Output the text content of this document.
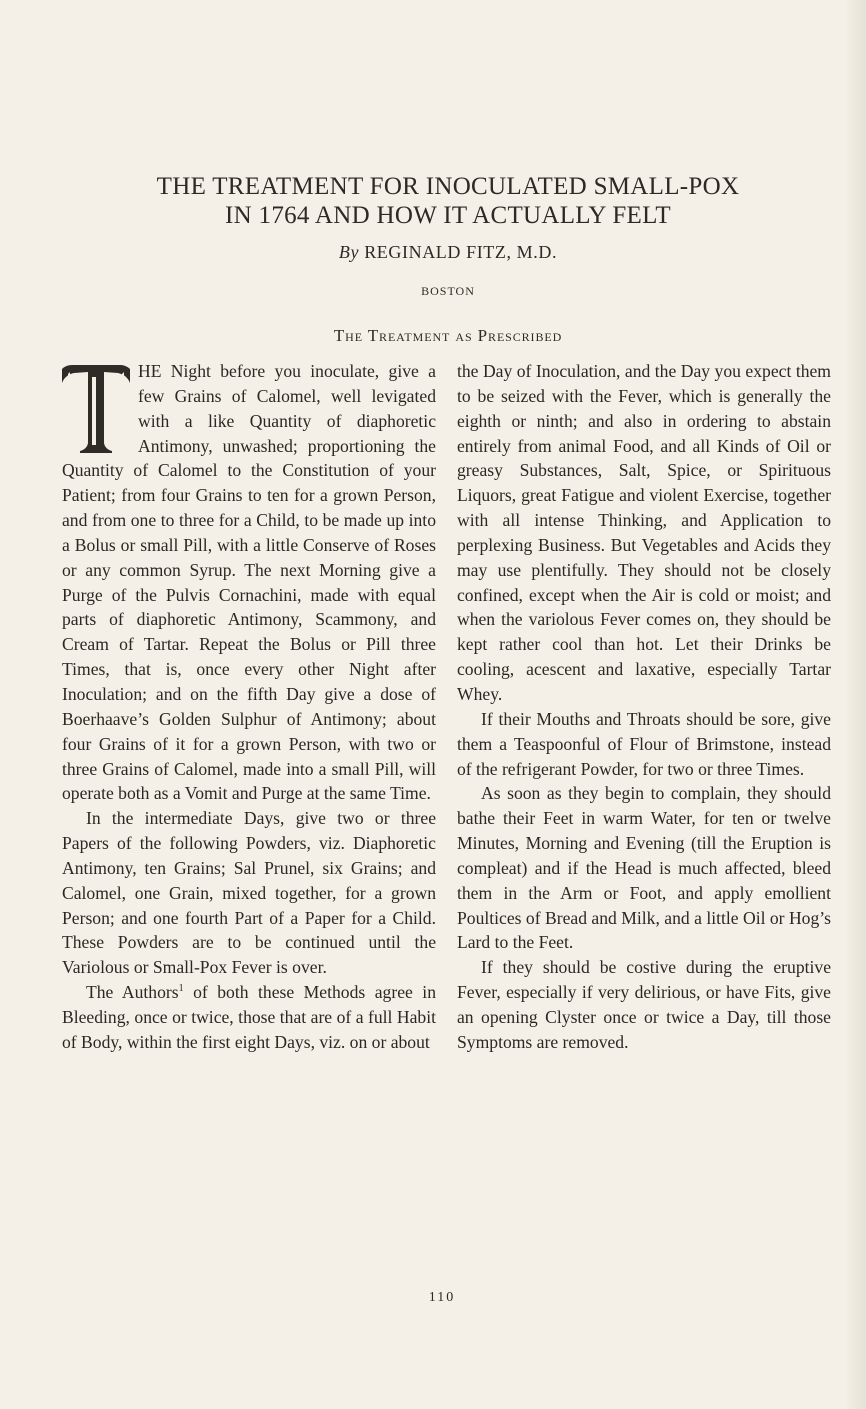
THE TREATMENT FOR INOCULATED SMALL-POX
IN 1764 AND HOW IT ACTUALLY FELT
By REGINALD FITZ, M.D.
BOSTON
The Treatment as Prescribed

HE Night before you inoculate, give a few Grains of Calomel, well levigated with a like Quantity of diaphoretic Antimony, unwashed; proportioning the Quantity of Calomel to the Constitution of your Patient; from four Grains to ten for a grown Person, and from one to three for a Child, to be made up into a Bolus or small Pill, with a little Conserve of Roses or any common Syrup. The next Morning give a Purge of the Pulvis Cornachini, made with equal parts of diaphoretic Antimony, Scammony, and Cream of Tartar. Repeat the Bolus or Pill three Times, that is, once every other Night after Inoculation; and on the fifth Day give a dose of Boerhaave’s Golden Sulphur of Antimony; about four Grains of it for a grown Person, with two or three Grains of Calomel, made into a small Pill, will operate both as a Vomit and Purge at the same Time.

In the intermediate Days, give two or three Papers of the following Powders, viz. Diaphoretic Antimony, ten Grains; Sal Prunel, six Grains; and Calomel, one Grain, mixed together, for a grown Person; and one fourth Part of a Paper for a Child. These Powders are to be continued until the Variolous or Small-Pox Fever is over.

The Authors$^1$ of both these Methods agree in Bleeding, once or twice, those that are of a full Habit of Body, within the first eight Days, viz. on or about

the Day of Inoculation, and the Day you expect them to be seized with the Fever, which is generally the eighth or ninth; and also in ordering to abstain entirely from animal Food, and all Kinds of Oil or greasy Substances, Salt, Spice, or Spirituous Liquors, great Fatigue and violent Exercise, together with all intense Thinking, and Application to perplexing Business. But Vegetables and Acids they may use plentifully. They should not be closely confined, except when the Air is cold or moist; and when the variolous Fever comes on, they should be kept rather cool than hot. Let their Drinks be cooling, acescent and laxative, especially Tartar Whey.

If their Mouths and Throats should be sore, give them a Teaspoonful of Flour of Brimstone, instead of the refrigerant Powder, for two or three Times.

As soon as they begin to complain, they should bathe their Feet in warm Water, for ten or twelve Minutes, Morning and Evening (till the Eruption is compleat) and if the Head is much affected, bleed them in the Arm or Foot, and apply emollient Poultices of Bread and Milk, and a little Oil or Hog’s Lard to the Feet.

If they should be costive during the eruptive Fever, especially if very delirious, or have Fits, give an opening Clyster once or twice a Day, till those Symptoms are removed.

110
